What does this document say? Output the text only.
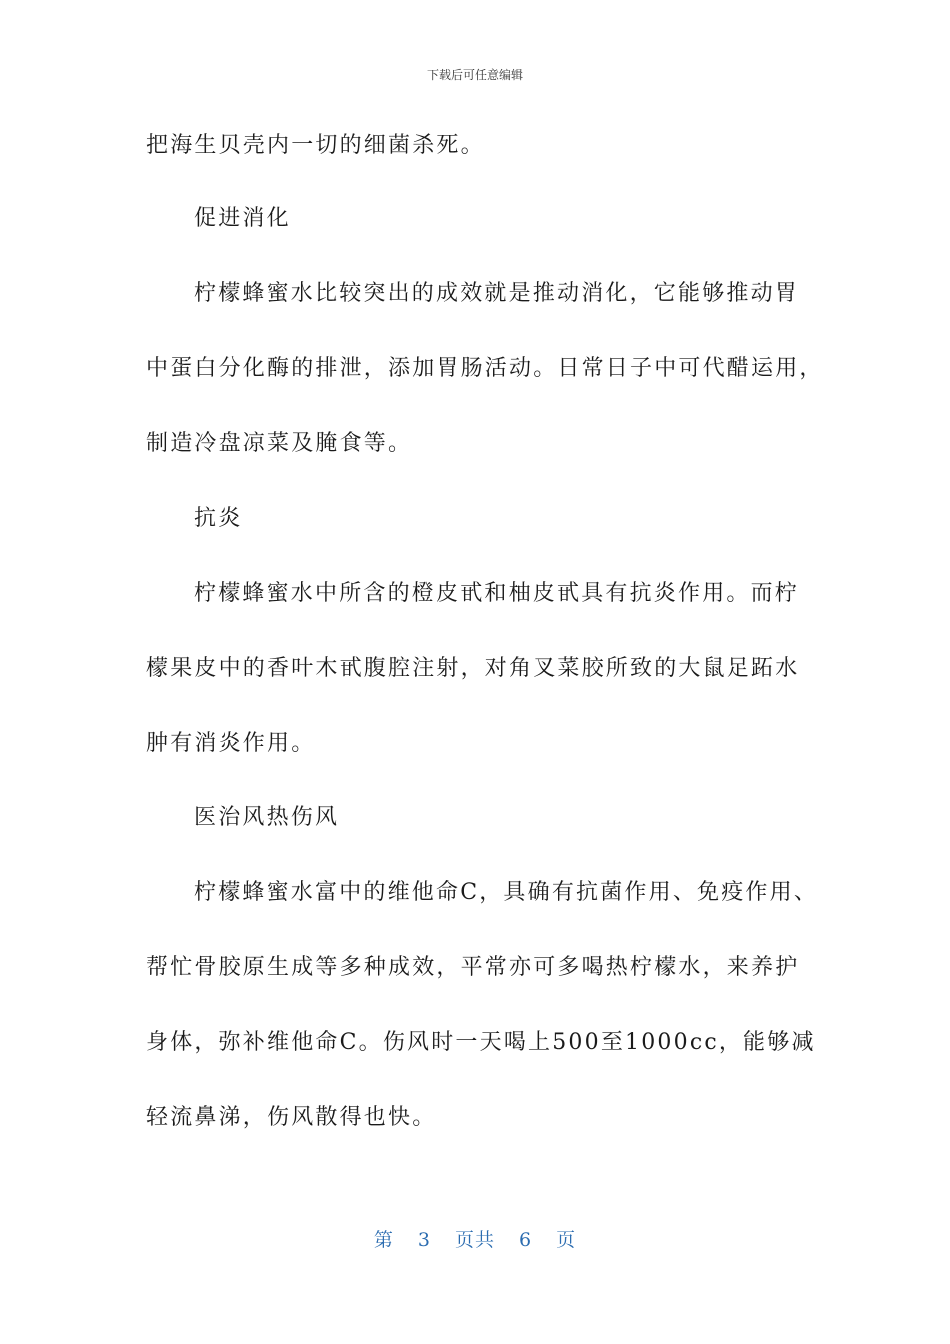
下载后可任意编辑
把海生贝壳内一切的细菌杀死。
促进消化
柠檬蜂蜜水比较突出的成效就是推动消化，它能够推动胃
中蛋白分化酶的排泄，添加胃肠活动。日常日子中可代醋运用，
制造冷盘凉菜及腌食等。
抗炎
柠檬蜂蜜水中所含的橙皮甙和柚皮甙具有抗炎作用。而柠
檬果皮中的香叶木甙腹腔注射，对角叉菜胶所致的大鼠足跖水
肿有消炎作用。
医治风热伤风
柠檬蜂蜜水富中的维他命C，具确有抗菌作用、免疫作用、
帮忙骨胶原生成等多种成效，平常亦可多喝热柠檬水，来养护
身体，弥补维他命C。伤风时一天喝上500至1000cc，能够减
轻流鼻涕，伤风散得也快。
第 3 页共 6 页
